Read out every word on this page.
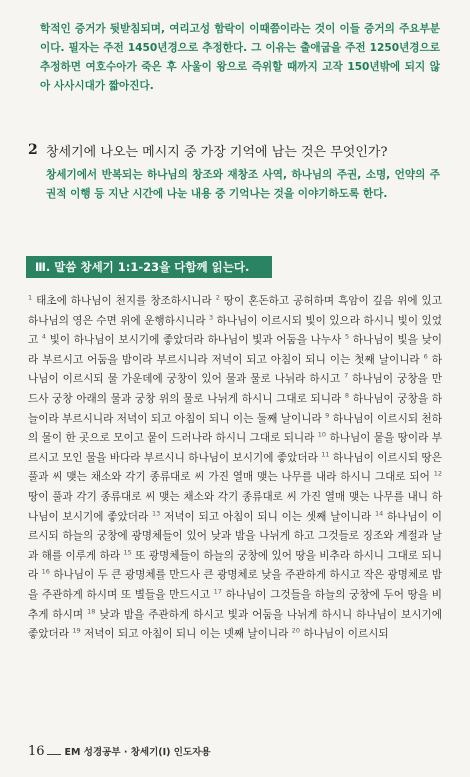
학적인 증거가 뒷받침되며, 여리고성 함락이 이때쯤이라는 것이 이들 증거의 주요부분이다. 필자는 주전 1450년경으로 추정한다. 그 이유는 출애굽을 주전 1250년경으로 추정하면 여호수아가 죽은 후 사울이 왕으로 즉위할 때까지 고작 150년밖에 되지 않아 사사시대가 짧아진다.
2 창세기에 나오는 메시지 중 가장 기억에 남는 것은 무엇인가?
창세기에서 반복되는 하나님의 창조와 재창조 사역, 하나님의 주권, 소명, 언약의 주권적 이행 등 지난 시간에 나눈 내용 중 기억나는 것을 이야기하도록 한다.
Ⅲ. 말씀 창세기 1:1-23을 다함께 읽는다.
$^1$ 태초에 하나님이 천지를 창조하시니라 $^2$ 땅이 혼돈하고 공허하며 흑암이 깊음 위에 있고 하나님의 영은 수면 위에 운행하시니라 $^3$ 하나님이 이르시되 빛이 있으라 하시니 빛이 있었고 $^4$ 빛이 하나님이 보시기에 좋았더라 하나님이 빛과 어둠을 나누사 $^5$ 하나님이 빛을 낮이라 부르시고 어둠을 밤이라 부르시니라 저녁이 되고 아침이 되니 이는 첫째 날이니라 $^6$ 하나님이 이르시되 물 가운데에 궁창이 있어 물과 물로 나뉘라 하시고 $^7$ 하나님이 궁창을 만드사 궁창 아래의 물과 궁창 위의 물로 나뉘게 하시니 그대로 되니라 $^8$ 하나님이 궁창을 하늘이라 부르시니라 저녁이 되고 아침이 되니 이는 둘째 날이니라 $^9$ 하나님이 이르시되 천하의 물이 한 곳으로 모이고 뭍이 드러나라 하시니 그대로 되니라 $^{10}$ 하나님이 뭍을 땅이라 부르시고 모인 물을 바다라 부르시니 하나님이 보시기에 좋았더라 $^{11}$ 하나님이 이르시되 땅은 풀과 씨 맺는 채소와 각기 종류대로 씨 가진 열매 맺는 나무를 내라 하시니 그대로 되어 $^{12}$ 땅이 풀과 각기 종류대로 씨 맺는 채소와 각기 종류대로 씨 가진 열매 맺는 나무를 내니 하나님이 보시기에 좋았더라 $^{13}$ 저녁이 되고 아침이 되니 이는 셋째 날이니라 $^{14}$ 하나님이 이르시되 하늘의 궁창에 광명체들이 있어 낮과 밤을 나뉘게 하고 그것들로 징조와 계절과 날과 해를 이루게 하라 $^{15}$ 또 광명체들이 하늘의 궁창에 있어 땅을 비추라 하시니 그대로 되니라 $^{16}$ 하나님이 두 큰 광명체를 만드사 큰 광명체로 낮을 주관하게 하시고 작은 광명체로 밤을 주관하게 하시며 또 별들을 만드시고 $^{17}$ 하나님이 그것들을 하늘의 궁창에 두어 땅을 비추게 하시며 $^{18}$ 낮과 밤을 주관하게 하시고 빛과 어둠을 나뉘게 하시니 하나님이 보시기에 좋았더라 $^{19}$ 저녁이 되고 아침이 되니 이는 넷째 날이니라 $^{20}$ 하나님이 이르시되
16 EM 성경공부 · 창세기(I) 인도자용
